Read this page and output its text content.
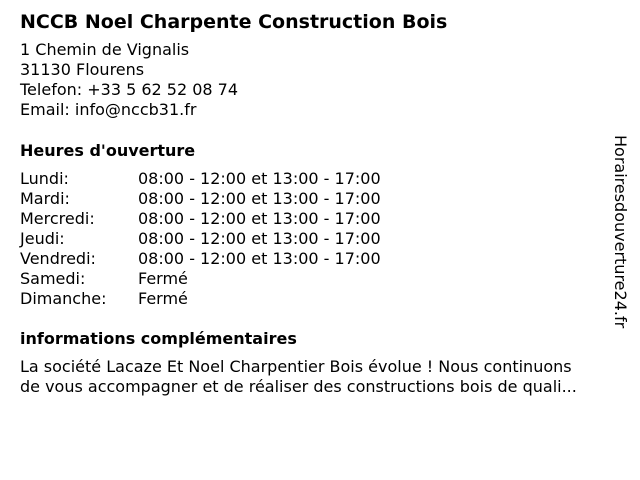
NCCB Noel Charpente Construction Bois
1 Chemin de Vignalis
31130 Flourens
Telefon: +33 5 62 52 08 74
Email: info@nccb31.fr
Heures d'ouverture
Lundi:	08:00 - 12:00 et 13:00 - 17:00
Mardi:	08:00 - 12:00 et 13:00 - 17:00
Mercredi:	08:00 - 12:00 et 13:00 - 17:00
Jeudi:	08:00 - 12:00 et 13:00 - 17:00
Vendredi:	08:00 - 12:00 et 13:00 - 17:00
Samedi:	Fermé
Dimanche:	Fermé
informations complémentaires
La société Lacaze Et Noel Charpentier Bois évolue ! Nous continuons
de vous accompagner et de réaliser des constructions bois de quali...
Horairesdouverture24.fr
